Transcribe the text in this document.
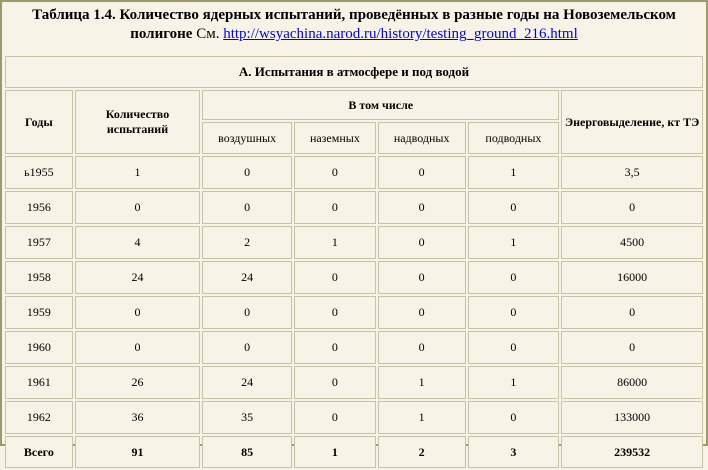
Таблица 1.4. Количество ядерных испытаний, проведённых в разные годы на Новоземельском полигоне См. http://wsyachina.narod.ru/history/testing_ground_216.html
А. Испытания в атмосфере и под водой						
Годы	Количество испытаний	В том числе				Энерговыделение, кт ТЭ
		воздушных	наземных	надводных	подводных	
ь1955	1	0	0	0	1	3,5
1956	0	0	0	0	0	0
1957	4	2	1	0	1	4500
1958	24	24	0	0	0	16000
1959	0	0	0	0	0	0
1960	0	0	0	0	0	0
1961	26	24	0	1	1	86000
1962	36	35	0	1	0	133000
Всего	91	85	1	2	3	239532
